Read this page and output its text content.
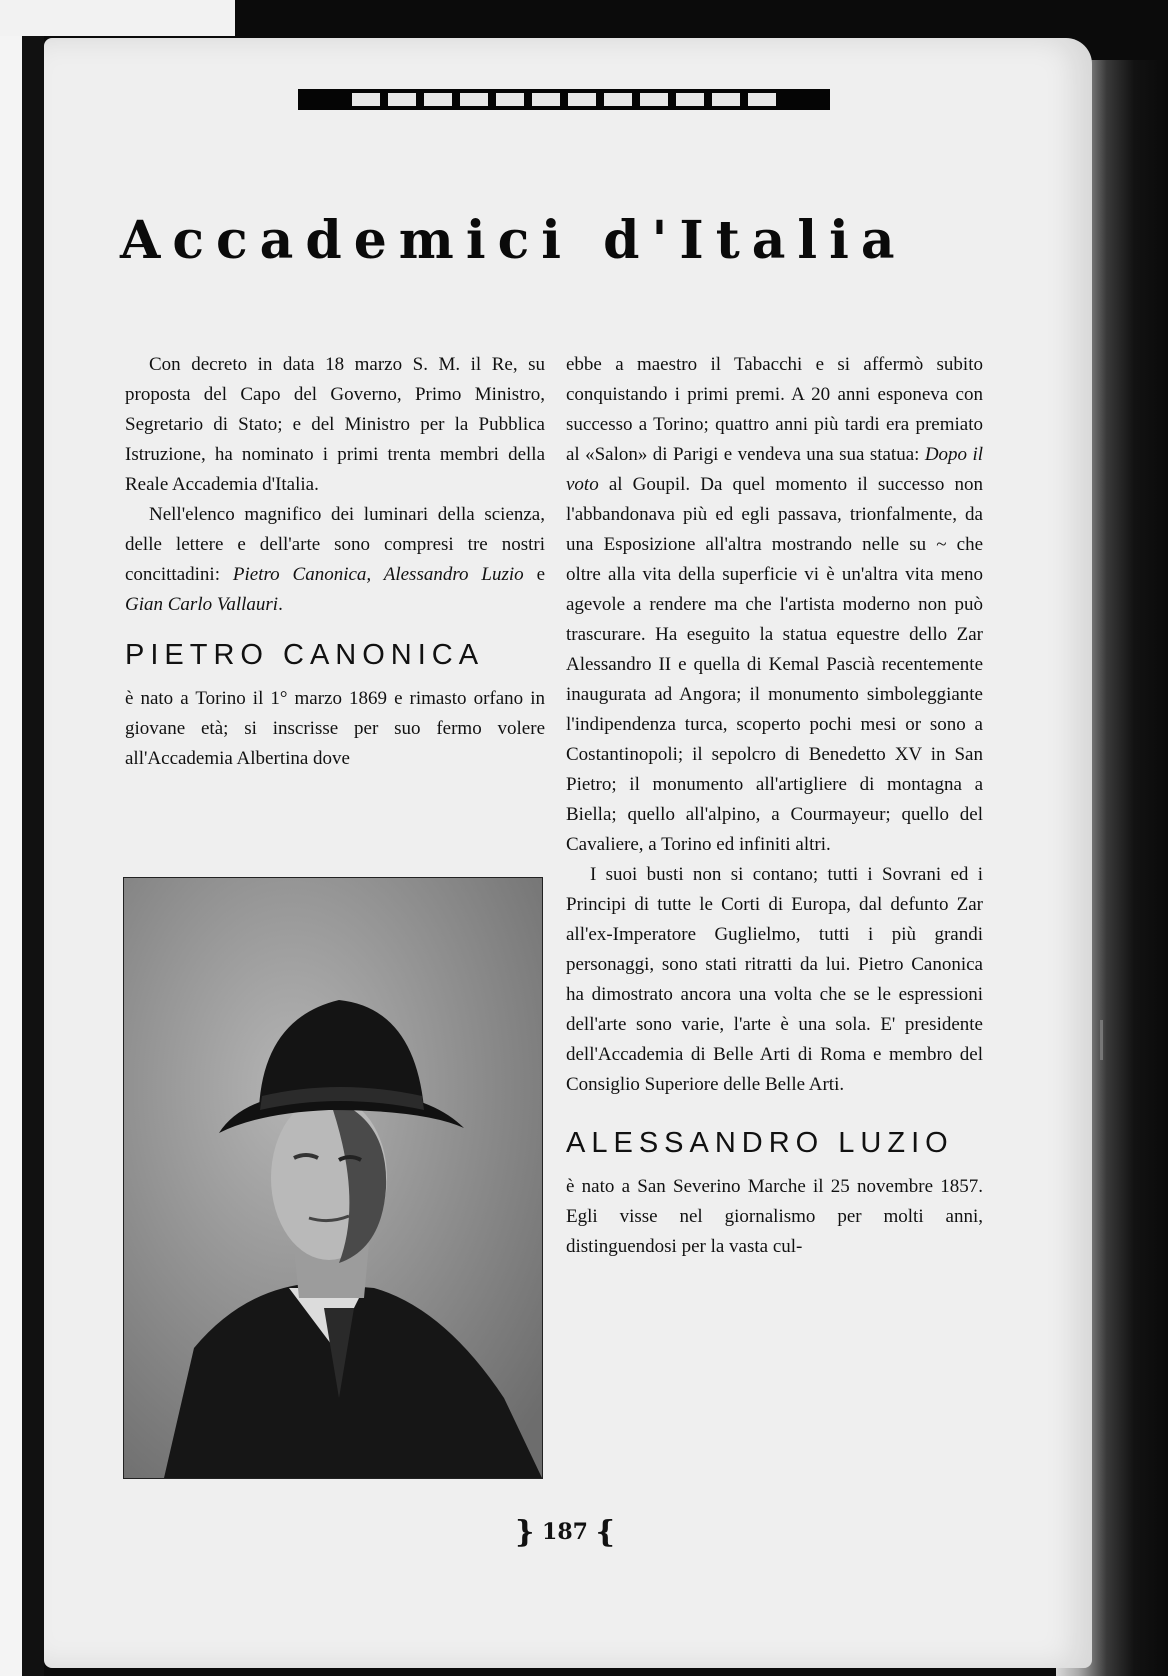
Accademici d'Italia

Con decreto in data 18 marzo S. M. il Re, su proposta del Capo del Governo, Primo Ministro, Segretario di Stato; e del Ministro per la Pubblica Istruzione, ha nominato i primi trenta membri della Reale Accademia d'Italia.

Nell'elenco magnifico dei luminari della scienza, delle lettere e dell'arte sono compresi tre nostri concittadini: Pietro Canonica, Alessandro Luzio e Gian Carlo Vallauri.

PIETRO CANONICA

è nato a Torino il 1° marzo 1869 e rimasto orfano in giovane età; si inscrisse per suo fermo volere all'Accademia Albertina dove

ebbe a maestro il Tabacchi e si affermò subito conquistando i primi premi. A 20 anni esponeva con successo a Torino; quattro anni più tardi era premiato al «Salon» di Parigi e vendeva una sua statua: Dopo il voto al Goupil. Da quel momento il successo non l'abbandonava più ed egli passava, trionfalmente, da una Esposizione all'altra mostrando nelle su ~ che oltre alla vita della superficie vi è un'altra vita meno agevole a rendere ma che l'artista moderno non può trascurare. Ha eseguito la statua equestre dello Zar Alessandro II e quella di Kemal Pascià recentemente inaugurata ad Angora; il monumento simboleggiante l'indipendenza turca, scoperto pochi mesi or sono a Costantinopoli; il sepolcro di Benedetto XV in San Pietro; il monumento all'artigliere di montagna a Biella; quello all'alpino, a Courmayeur; quello del Cavaliere, a Torino ed infiniti altri.

I suoi busti non si contano; tutti i Sovrani ed i Principi di tutte le Corti di Europa, dal defunto Zar all'ex-Imperatore Guglielmo, tutti i più grandi personaggi, sono stati ritratti da lui. Pietro Canonica ha dimostrato ancora una volta che se le espressioni dell'arte sono varie, l'arte è una sola. E' presidente dell'Accademia di Belle Arti di Roma e membro del Consiglio Superiore delle Belle Arti.

ALESSANDRO LUZIO

è nato a San Severino Marche il 25 novembre 1857. Egli visse nel giornalismo per molti anni, distinguendosi per la vasta cul-

} 187 {
